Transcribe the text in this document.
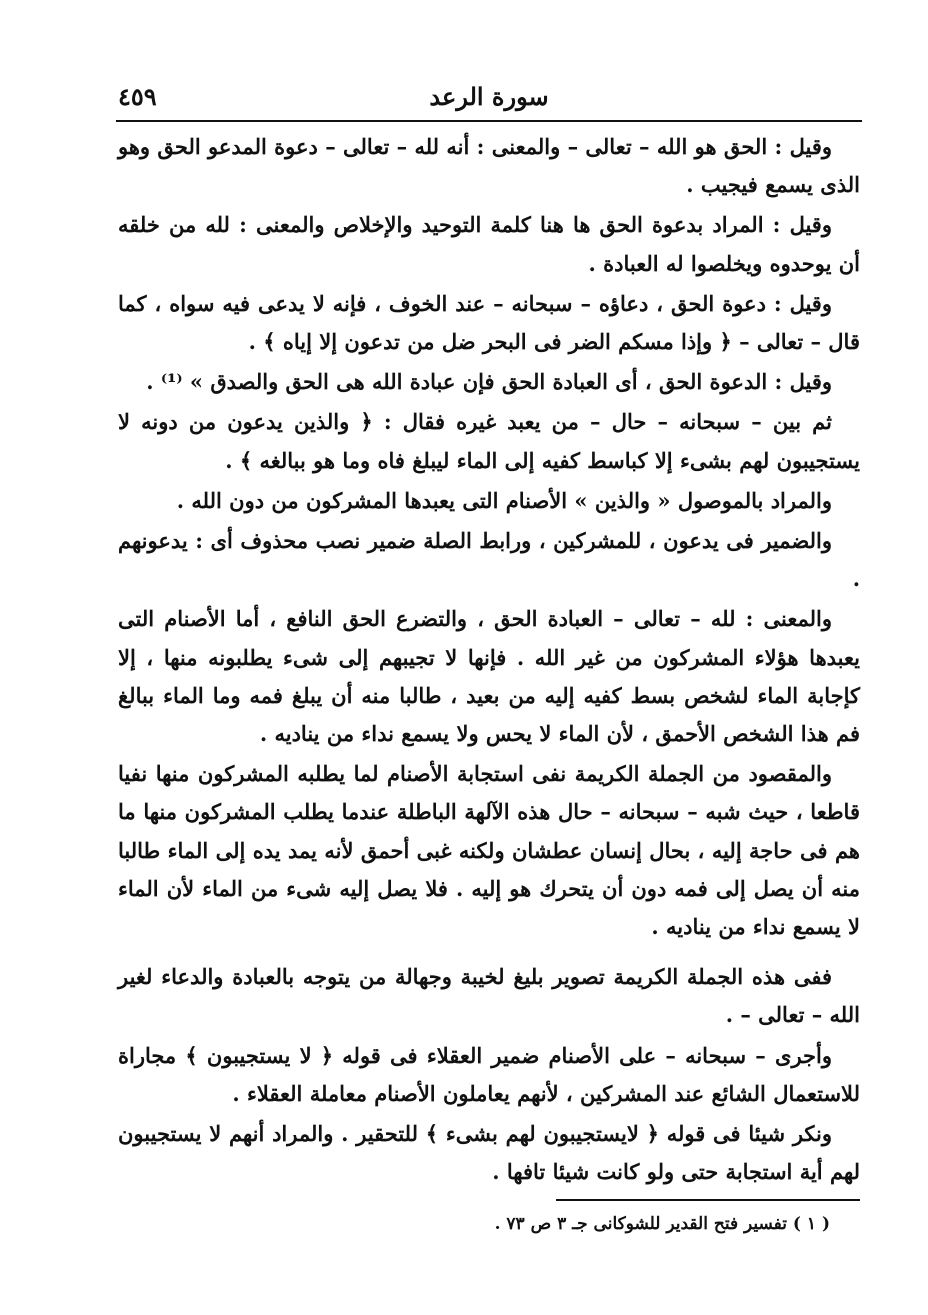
سورة الرعد
٤٥٩

وقيل : الحق هو الله – تعالى – والمعنى : أنه لله – تعالى – دعوة المدعو الحق وهو الذى يسمع فيجيب .

وقيل : المراد بدعوة الحق ها هنا كلمة التوحيد والإخلاص والمعنى : لله من خلقه أن يوحدوه ويخلصوا له العبادة .

وقيل : دعوة الحق ، دعاؤه – سبحانه – عند الخوف ، فإنه لا يدعى فيه سواه ، كما قال – تعالى – ﴿ وإذا مسكم الضر فى البحر ضل من تدعون إلا إياه ﴾ .

وقيل : الدعوة الحق ، أى العبادة الحق فإن عبادة الله هى الحق والصدق » ⁽¹⁾ .

ثم بين – سبحانه – حال – من يعبد غيره فقال : ﴿ والذين يدعون من دونه لا يستجيبون لهم بشىء إلا كباسط كفيه إلى الماء ليبلغ فاه وما هو ببالغه ﴾ .

والمراد بالموصول « والذين » الأصنام التى يعبدها المشركون من دون الله .

والضمير فى يدعون ، للمشركين ، ورابط الصلة ضمير نصب محذوف أى : يدعونهم .

والمعنى : لله – تعالى – العبادة الحق ، والتضرع الحق النافع ، أما الأصنام التى يعبدها هؤلاء المشركون من غير الله . فإنها لا تجيبهم إلى شىء يطلبونه منها ، إلا كإجابة الماء لشخص بسط كفيه إليه من بعيد ، طالبا منه أن يبلغ فمه وما الماء ببالغ فم هذا الشخص الأحمق ، لأن الماء لا يحس ولا يسمع نداء من يناديه .

والمقصود من الجملة الكريمة نفى استجابة الأصنام لما يطلبه المشركون منها نفيا قاطعا ، حيث شبه – سبحانه – حال هذه الآلهة الباطلة عندما يطلب المشركون منها ما هم فى حاجة إليه ، بحال إنسان عطشان ولكنه غبى أحمق لأنه يمد يده إلى الماء طالبا منه أن يصل إلى فمه دون أن يتحرك هو إليه . فلا يصل إليه شىء من الماء لأن الماء لا يسمع نداء من يناديه .

ففى هذه الجملة الكريمة تصوير بليغ لخيبة وجهالة من يتوجه بالعبادة والدعاء لغير الله – تعالى – .

وأجرى – سبحانه – على الأصنام ضمير العقلاء فى قوله ﴿ لا يستجيبون ﴾ مجاراة للاستعمال الشائع عند المشركين ، لأنهم يعاملون الأصنام معاملة العقلاء .

ونكر شيئا فى قوله ﴿ لايستجيبون لهم بشىء ﴾ للتحقير . والمراد أنهم لا يستجيبون لهم أية استجابة حتى ولو كانت شيئا تافها .

( ١ ) تفسير فتح القدير للشوكانى جـ ٣ ص ٧٣ .
